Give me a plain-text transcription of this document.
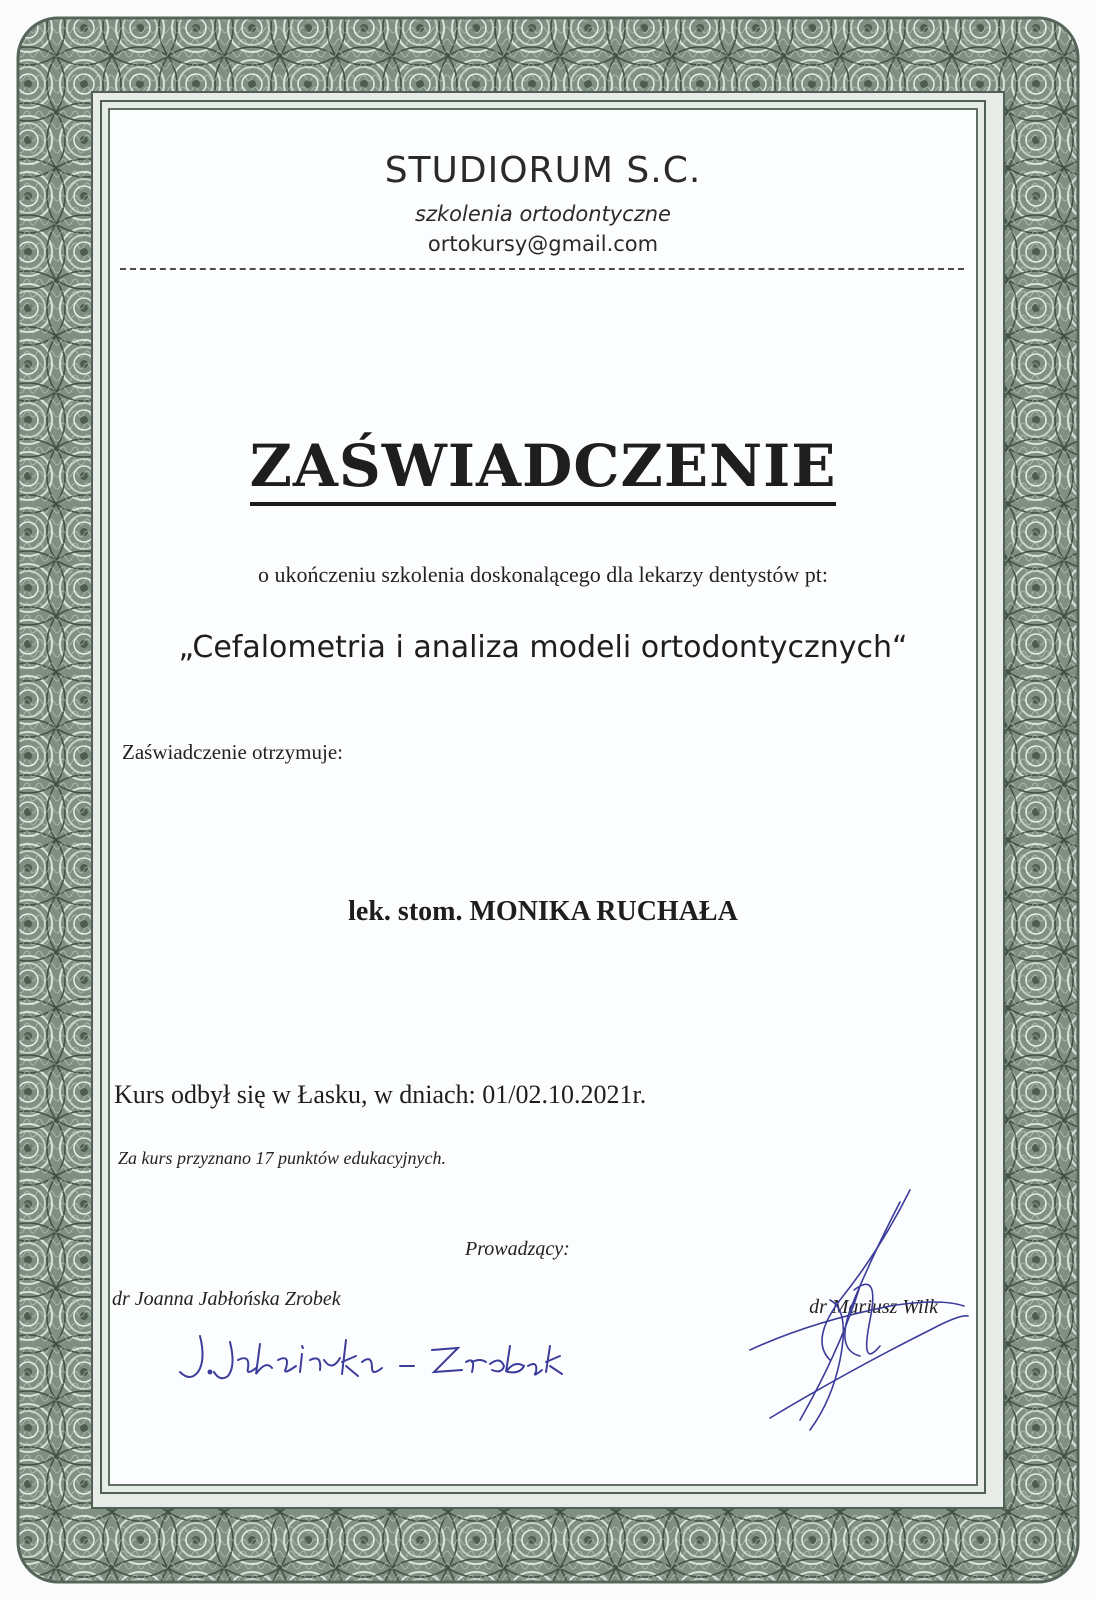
STUDIORUM S.C.
szkolenia ortodontyczne
ortokursy@gmail.com
ZAŚWIADCZENIE
o ukończeniu szkolenia doskonalącego dla lekarzy dentystów pt:
„Cefalometria i analiza modeli ortodontycznych“
Zaświadczenie otrzymuje:
lek. stom. MONIKA RUCHAŁA
Kurs odbył się w Łasku, w dniach: 01/02.10.2021r.
Za kurs przyznano 17 punktów edukacyjnych.
Prowadzący:
dr Joanna Jabłońska Zrobek	dr Mariusz Wilk
